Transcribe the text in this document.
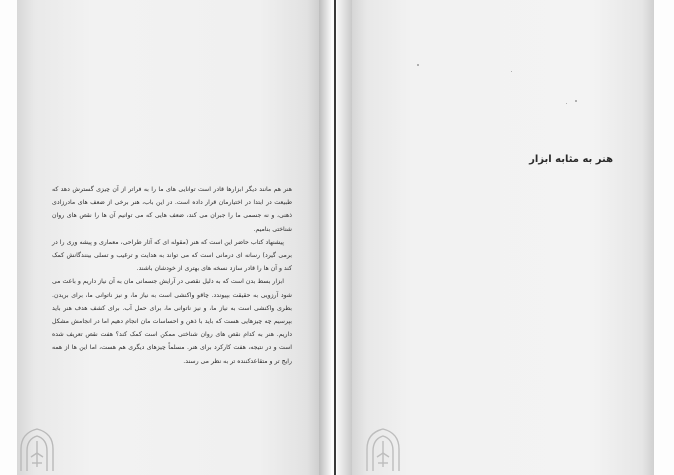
هنر به مثابه ابزار

هنر هم مانند دیگر ابزارها قادر است توانایی های ما را به فراتر از آن چیزی گسترش دهد که طبیعت در ابتدا در اختیارمان قرار داده است. در این باب، هنر برخی از ضعف های مادرزادی ذهنی، و نه جسمی ما را جبران می کند، ضعف هایی که می توانیم آن ها را نقص های روان شناختی بنامیم.

پیشنهاد کتاب حاضر این است که هنر (مقوله ای که آثار طراحی، معماری و پیشه وری را در برمی گیرد) رسانه ای درمانی است که می تواند به هدایت و ترغیب و تسلی بینندگانش کمک کند و آن ها را قادر سازد نسخه های بهتری از خودشان باشند.

ابزار بسط بدن است که به دلیل نقصی در آرایش جسمانی مان به آن نیاز داریم و باعث می شود آرزویی به حقیقت بپیوندد. چاقو واکنشی است به نیاز ما، و نیز ناتوانی ما، برای بریدن. بطری واکنشی است به نیاز ما، و نیز ناتوانی ما، برای حمل آب. برای کشف هدف هنر باید بپرسیم چه چیزهایی هست که باید با ذهن و احساسات مان انجام دهیم اما در انجامش مشکل داریم. هنر به کدام نقص های روان شناختی ممکن است کمک کند؟ هفت نقص تعریف شده است و در نتیجه، هفت کارکرد برای هنر. مسلماً چیزهای دیگری هم هست، اما این ها از همه رایج تر و متقاعدکننده تر به نظر می رسند.
